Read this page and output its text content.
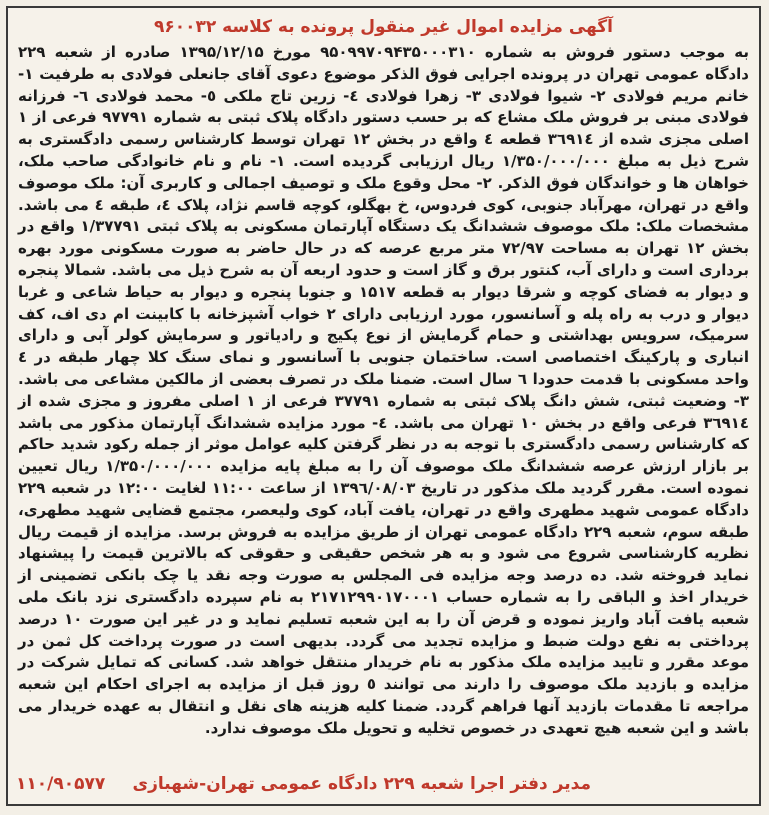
آگهی مزایده اموال غیر منقول پرونده به کلاسه ۹۶۰۰۳۲
به موجب دستور فروش به شماره ۹۵۰۹۹۷۰۹۴۳۵۰۰۰۳۱۰ مورخ ۱۳۹۵/۱۲/۱۵ صادره از شعبه ۲۲۹ دادگاه عمومی تهران در پرونده اجرایی فوق الذکر موضوع دعوی آقای جانعلی فولادی به طرفیت ۱- خانم مریم فولادی ۲- شیوا فولادی ۳- زهرا فولادی ٤- زرین تاج ملکی ٥- محمد فولادی ٦- فرزانه فولادی مبنی بر فروش ملک مشاع که بر حسب دستور دادگاه پلاک ثبتی به شماره ۹۷۷۹۱ فرعی از ۱ اصلی مجزی شده از ۳٦۹۱٤ قطعه ٤ واقع در بخش ۱۲ تهران توسط کارشناس رسمی دادگستری به شرح ذیل به مبلغ ۱/۳۵۰/۰۰۰/۰۰۰ ریال ارزیابی گردیده است. ۱- نام و نام خانوادگی صاحب ملک، خواهان ها و خواندگان فوق الذکر. ۲- محل وقوع ملک و توصیف اجمالی و کاربری آن: ملک موصوف واقع در تهران، مهرآباد جنوبی، کوی فردوس، خ بهگلو، کوچه قاسم نژاد، پلاک ٤، طبقه ٤ می باشد. مشخصات ملک: ملک موصوف ششدانگ یک دستگاه آپارتمان مسکونی به پلاک ثبتی ۱/۳۷۷۹۱ واقع در بخش ۱۲ تهران به مساحت ۷۲/۹۷ متر مربع عرصه که در حال حاضر به صورت مسکونی مورد بهره برداری است و دارای آب، کنتور برق و گاز است و حدود اربعه آن به شرح ذیل می باشد. شمالا پنجره و دیوار به فضای کوچه و شرقا دیوار به قطعه ۱۵۱۷ و جنوبا پنجره و دیوار به حیاط شاعی و غربا دیوار و درب به راه پله و آسانسور، مورد ارزیابی دارای ۲ خواب آشپزخانه با کابینت ام دی اف، کف سرمیک، سرویس بهداشتی و حمام گرمایش از نوع پکیج و رادیاتور و سرمایش کولر آبی و دارای انباری و پارکینگ اختصاصی است. ساختمان جنوبی با آسانسور و نمای سنگ کلا چهار طبقه در ٤ واحد مسکونی با قدمت حدودا ٦ سال است. ضمنا ملک در تصرف بعضی از مالکین مشاعی می باشد. ۳- وضعیت ثبتی، شش دانگ پلاک ثبتی به شماره ۳۷۷۹۱ فرعی از ۱ اصلی مفروز و مجزی شده از ۳٦۹۱٤ فرعی واقع در بخش ۱۰ تهران می باشد. ٤- مورد مزایده ششدانگ آپارتمان مذکور می باشد که کارشناس رسمی دادگستری با توجه به در نظر گرفتن کلیه عوامل موثر از جمله رکود شدید حاکم بر بازار ارزش عرصه ششدانگ ملک موصوف آن را به مبلغ پایه مزایده ۱/۳۵۰/۰۰۰/۰۰۰ ریال تعیین نموده است. مقرر گردید ملک مذکور در تاریخ ۱۳۹٦/۰۸/۰۳ از ساعت ۱۱:۰۰ لغایت ۱۲:۰۰ در شعبه ۲۲۹ دادگاه عمومی شهید مطهری واقع در تهران، یافت آباد، کوی ولیعصر، مجتمع قضایی شهید مطهری، طبقه سوم، شعبه ۲۲۹ دادگاه عمومی تهران از طریق مزایده به فروش برسد. مزایده از قیمت ریال نظریه کارشناسی شروع می شود و به هر شخص حقیقی و حقوقی که بالاترین قیمت را پیشنهاد نماید فروخته شد. ده درصد وجه مزایده فی المجلس به صورت وجه نقد یا چک بانکی تضمینی از خریدار اخذ و الباقی را به شماره حساب ۲۱۷۱۲۹۹۰۱۷۰۰۰۱ به نام سپرده دادگستری نزد بانک ملی شعبه یافت آباد واریز نموده و قرض آن را به این شعبه تسلیم نماید و در غیر این صورت ۱۰ درصد پرداختی به نفع دولت ضبط و مزایده تجدید می گردد. بدیهی است در صورت پرداخت کل ثمن در موعد مقرر و تایید مزایده ملک مذکور به نام خریدار منتقل خواهد شد. کسانی که تمایل شرکت در مزایده و بازدید ملک موصوف را دارند می توانند ٥ روز قبل از مزایده به اجرای احکام این شعبه مراجعه تا مقدمات بازدید آنها فراهم گردد. ضمنا کلیه هزینه های نقل و انتقال به عهده خریدار می باشد و این شعبه هیچ تعهدی در خصوص تخلیه و تحویل ملک موصوف ندارد.
۱۱۰/۹۰۵۷۷ مدیر دفتر اجرا شعبه ۲۲۹ دادگاه عمومی تهران-شهبازی
